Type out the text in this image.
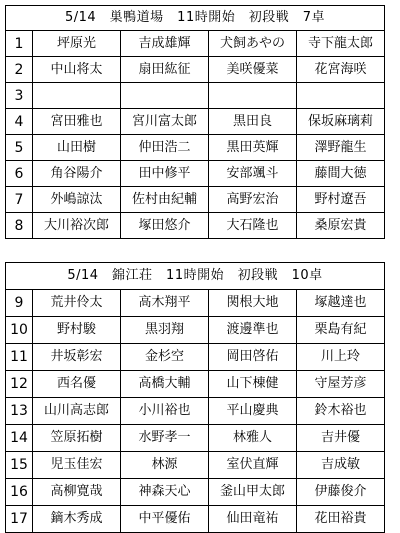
5/14　巣鴨道場　11時開始　初段戦　7卓				
1	坪原光	吉成雄輝	犬飼あやの	寺下龍太郎
2	中山将太	扇田紘征	美咲優菜	花宮海咲
3				
4	宮田雅也	宮川富太郎	黒田良	保坂麻璃莉
5	山田樹	仲田浩二	黒田英輝	澤野龍生
6	角谷陽介	田中修平	安部颯斗	藤間大徳
7	外嶋諒汰	佐村由紀輔	高野宏治	野村遼吾
8	大川裕次郎	塚田悠介	大石隆也	桑原宏貴
5/14　錦江荘　11時開始　初段戦　10卓				
9	荒井伶太	高木翔平	関根大地	塚越達也
10	野村駿	黒羽翔	渡邊準也	栗島有紀
11	井坂彰宏	金杉空	岡田啓佑	川上玲
12	西名優	高橋大輔	山下棟健	守屋芳彦
13	山川高志郎	小川裕也	平山慶典	鈴木裕也
14	笠原拓樹	水野孝一	林雅人	吉井優
15	児玉佳宏	林源	室伏直輝	吉成敏
16	高柳寛哉	神森天心	釜山甲太郎	伊藤俊介
17	鏑木秀成	中平優佑	仙田竜祐	花田裕貴
